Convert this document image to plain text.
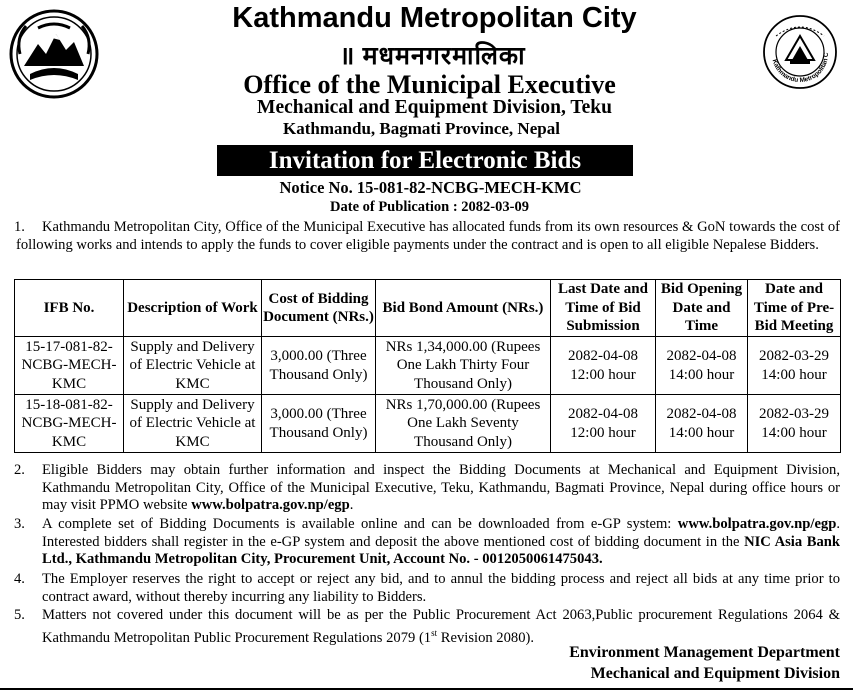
Kathmandu Metropolitan C
Kathmandu Metropolitan City
॥ मधमनगरमालिका
Office of the Municipal Executive
Mechanical and Equipment Division, Teku
Kathmandu, Bagmati Province, Nepal
Invitation for Electronic Bids
Notice No. 15-081-82-NCBG-MECH-KMC
Date of Publication : 2082-03-09
1.	Kathmandu Metropolitan City, Office of the Municipal Executive has allocated funds from its own resources & GoN towards the cost of following works and intends to apply the funds to cover eligible payments under the contract and is open to all eligible Nepalese Bidders.
IFB No.	Description of Work	Cost of Bidding Document (NRs.)	Bid Bond Amount (NRs.)	Last Date and Time of Bid Submission	Bid Opening Date and Time	Date and Time of Pre-Bid Meeting
15-17-081-82-NCBG-MECH-KMC	Supply and Delivery of Electric Vehicle at KMC	3,000.00 (Three Thousand Only)	NRs 1,34,000.00 (Rupees One Lakh Thirty Four Thousand Only)	2082-04-08 12:00 hour	2082-04-08 14:00 hour	2082-03-29 14:00 hour
15-18-081-82-NCBG-MECH-KMC	Supply and Delivery of Electric Vehicle at KMC	3,000.00 (Three Thousand Only)	NRs 1,70,000.00 (Rupees One Lakh Seventy Thousand Only)	2082-04-08 12:00 hour	2082-04-08 14:00 hour	2082-03-29 14:00 hour
2.	Eligible Bidders may obtain further information and inspect the Bidding Documents at Mechanical and Equipment Division, Kathmandu Metropolitan City, Office of the Municipal Executive, Teku, Kathmandu, Bagmati Province, Nepal during office hours or may visit PPMO website www.bolpatra.gov.np/egp.
3.	A complete set of Bidding Documents is available online and can be downloaded from e-GP system: www.bolpatra.gov.np/egp. Interested bidders shall register in the e-GP system and deposit the above mentioned cost of bidding document in the NIC Asia Bank Ltd., Kathmandu Metropolitan City, Procurement Unit, Account No. - 0012050061475043.
4.	The Employer reserves the right to accept or reject any bid, and to annul the bidding process and reject all bids at any time prior to contract award, without thereby incurring any liability to Bidders.
5.	Matters not covered under this document will be as per the Public Procurement Act 2063,Public procurement Regulations 2064 & Kathmandu Metropolitan Public Procurement Regulations 2079 (1st Revision 2080).
Environment Management Department
Mechanical and Equipment Division
